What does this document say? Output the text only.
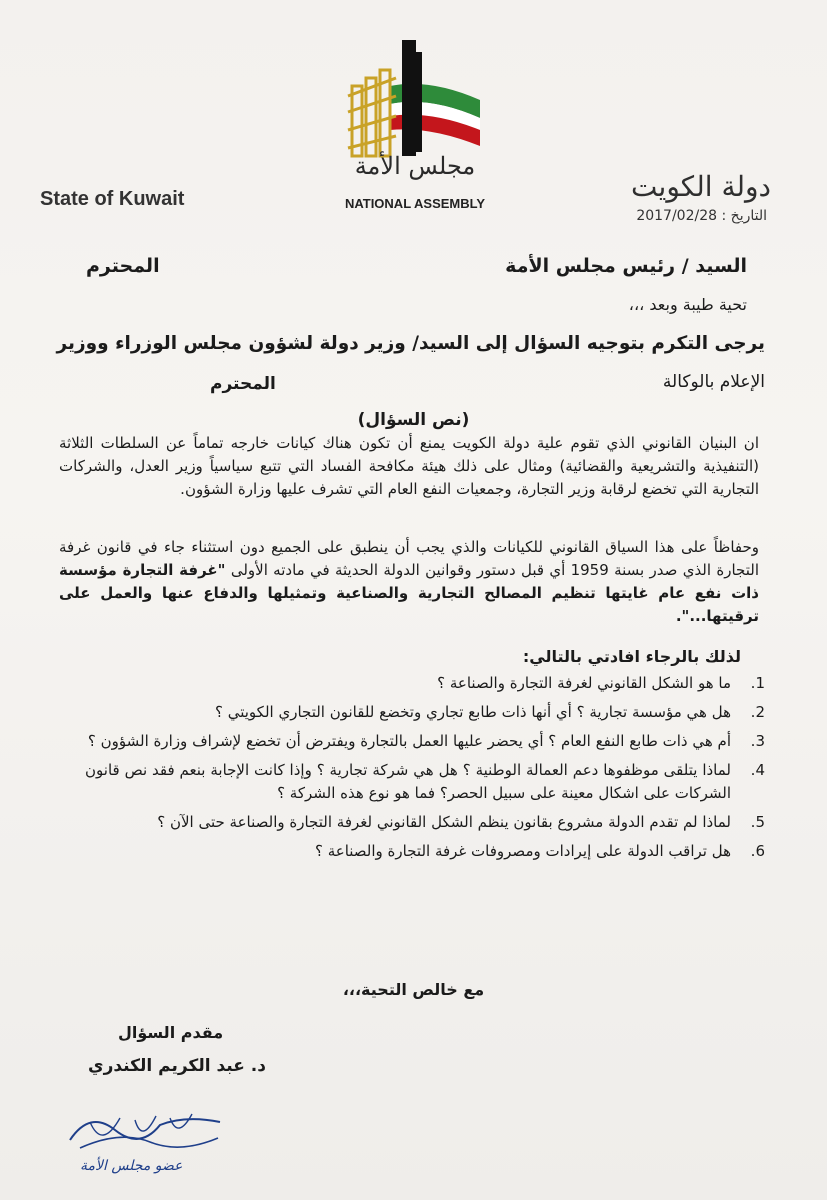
مجلس الأمة
NATIONAL ASSEMBLY
State of Kuwait	دولة الكويت
التاريخ : 2017/02/28
السيد / رئيس مجلس الأمة
المحترم
تحية طيبة وبعد ،،،
يرجى التكرم بتوجيه السؤال إلى السيد/ وزير دولة لشؤون مجلس الوزراء ووزير
الإعلام بالوكالة
المحترم
(نص السؤال)
ان البنيان القانوني الذي تقوم علية دولة الكويت يمنع أن تكون هناك كيانات خارجه تماماً عن السلطات الثلاثة (التنفيذية والتشريعية والقضائية) ومثال على ذلك هيئة مكافحة الفساد التي تتبع سياسياً وزير العدل، والشركات التجارية التي تخضع لرقابة وزير التجارة، وجمعيات النفع العام التي تشرف عليها وزارة الشؤون.
وحفاظاً على هذا السياق القانوني للكيانات والذي يجب أن ينطبق على الجميع دون استثناء جاء في قانون غرفة التجارة الذي صدر بسنة 1959 أي قبل دستور وقوانين الدولة الحديثة في مادته الأولى "غرفة التجارة مؤسسة ذات نفع عام غايتها تنظيم المصالح التجارية والصناعية وتمثيلها والدفاع عنها والعمل على ترقيتها...".
لذلك بالرجاء افادتي بالتالي:
1.
ما هو الشكل القانوني لغرفة التجارة والصناعة ؟
2.
هل هي مؤسسة تجارية ؟ أي أنها ذات طابع تجاري وتخضع للقانون التجاري الكويتي ؟
3.
أم هي ذات طابع النفع العام ؟ أي يحضر عليها العمل بالتجارة ويفترض أن تخضع لإشراف وزارة الشؤون ؟
4.
لماذا يتلقى موظفوها دعم العمالة الوطنية ؟ هل هي شركة تجارية ؟ وإذا كانت الإجابة بنعم فقد نص قانون الشركات على اشكال معينة على سبيل الحصر؟ فما هو نوع هذه الشركة ؟
5.
لماذا لم تقدم الدولة مشروع بقانون ينظم الشكل القانوني لغرفة التجارة والصناعة حتى الآن ؟
6.
هل تراقب الدولة على إيرادات ومصروفات غرفة التجارة والصناعة ؟
مع خالص التحية،،،
مقدم السؤال
د. عبد الكريم الكندري
عضو مجلس الأمة
